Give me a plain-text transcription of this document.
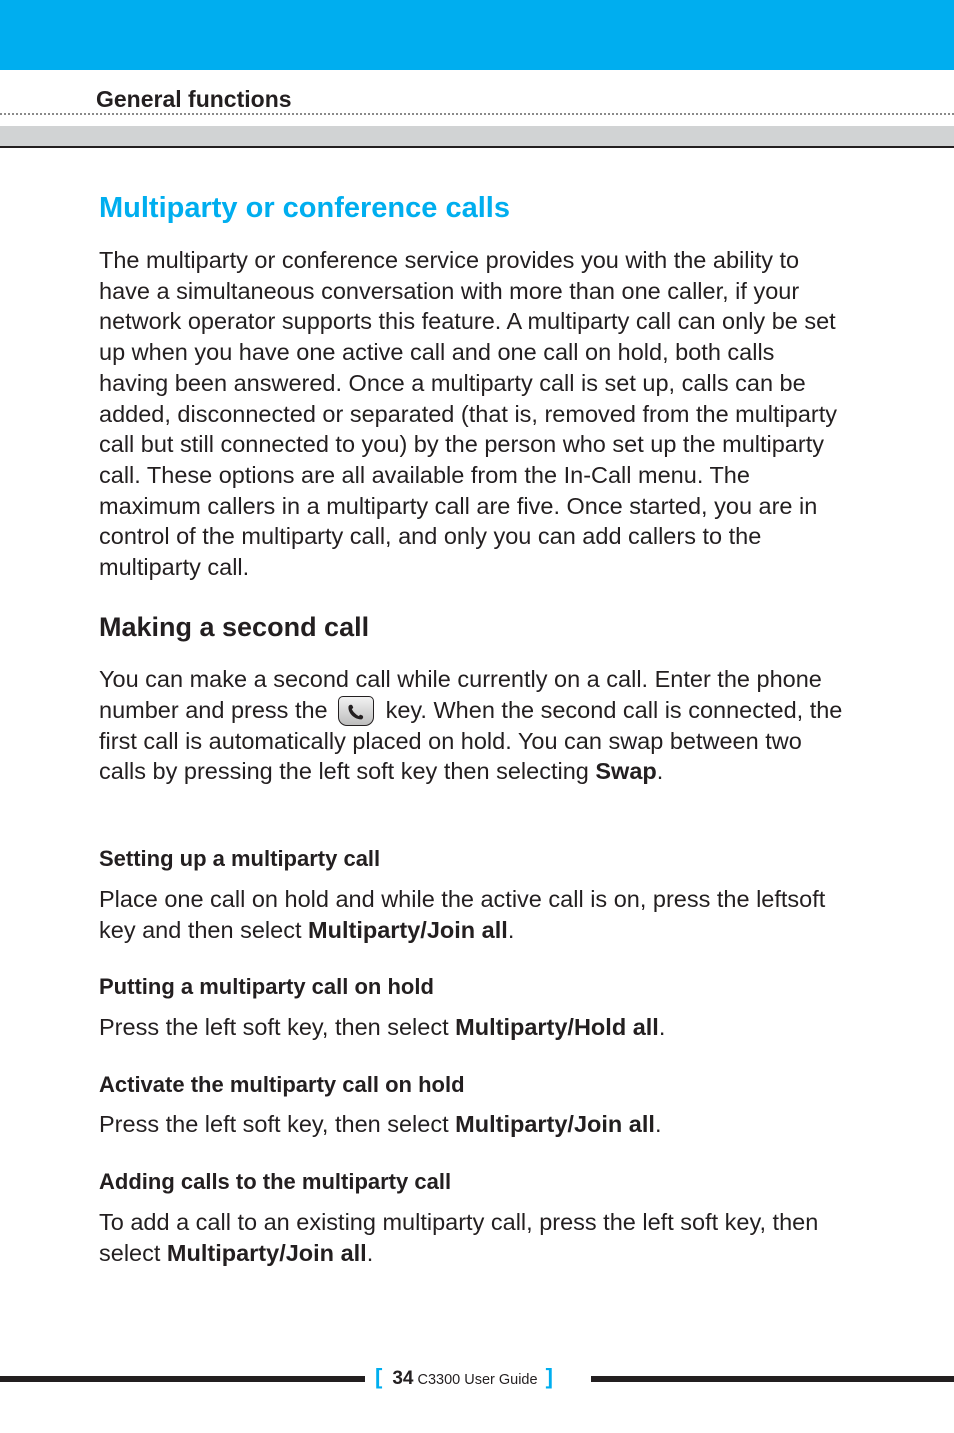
General functions
Multiparty or conference calls

The multiparty or conference service provides you with the ability to have a simultaneous conversation with more than one caller, if your network operator supports this feature. A multiparty call can only be set up when you have one active call and one call on hold, both calls having been answered. Once a multiparty call is set up, calls can be added, disconnected or separated (that is, removed from the multiparty call but still connected to you) by the person who set up the multiparty call. These options are all available from the In-Call menu. The maximum callers in a multiparty call are five. Once started, you are in control of the multiparty call, and only you can add callers to the multiparty call.

Making a second call

You can make a second call while currently on a call. Enter the phone number and press the key. When the second call is connected, the first call is automatically placed on hold. You can swap between two calls by pressing the left soft key then selecting Swap.

Setting up a multiparty call

Place one call on hold and while the active call is on, press the leftsoft key and then select Multiparty/Join all.

Putting a multiparty call on hold

Press the left soft key, then select Multiparty/Hold all.

Activate the multiparty call on hold

Press the left soft key, then select Multiparty/Join all.

Adding calls to the multiparty call

To add a call to an existing multiparty call, press the left soft key, then select Multiparty/Join all.

[ 34 C3300 User Guide ]
